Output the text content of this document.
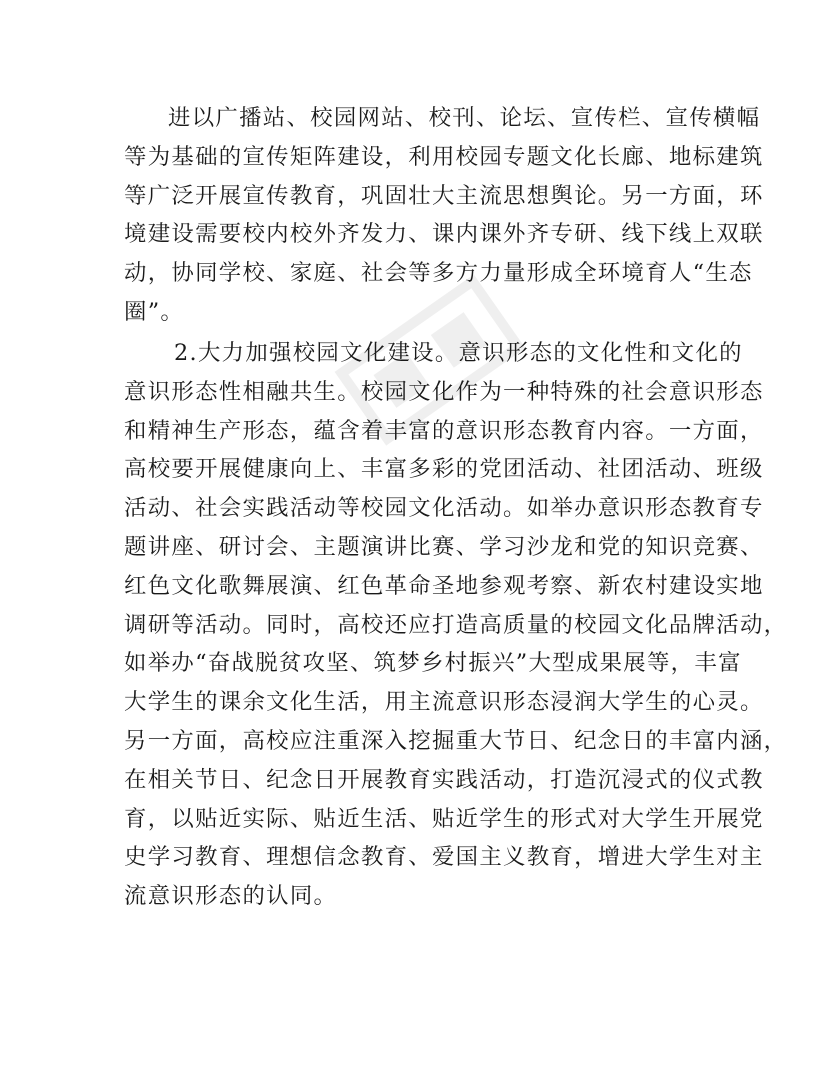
进以广播站、校园网站、校刊、论坛、宣传栏、宣传横幅
等为基础的宣传矩阵建设，利用校园专题文化长廊、地标建筑
等广泛开展宣传教育，巩固壮大主流思想舆论。另一方面，环
境建设需要校内校外齐发力、课内课外齐专研、线下线上双联
动，协同学校、家庭、社会等多方力量形成全环境育人“生态
圈”。

2.大力加强校园文化建设。意识形态的文化性和文化的
意识形态性相融共生。校园文化作为一种特殊的社会意识形态
和精神生产形态，蕴含着丰富的意识形态教育内容。一方面，
高校要开展健康向上、丰富多彩的党团活动、社团活动、班级
活动、社会实践活动等校园文化活动。如举办意识形态教育专
题讲座、研讨会、主题演讲比赛、学习沙龙和党的知识竞赛、
红色文化歌舞展演、红色革命圣地参观考察、新农村建设实地
调研等活动。同时，高校还应打造高质量的校园文化品牌活动，
如举办“奋战脱贫攻坚、筑梦乡村振兴”大型成果展等，丰富
大学生的课余文化生活，用主流意识形态浸润大学生的心灵。
另一方面，高校应注重深入挖掘重大节日、纪念日的丰富内涵，
在相关节日、纪念日开展教育实践活动，打造沉浸式的仪式教
育，以贴近实际、贴近生活、贴近学生的形式对大学生开展党
史学习教育、理想信念教育、爱国主义教育，增进大学生对主
流意识形态的认同。
